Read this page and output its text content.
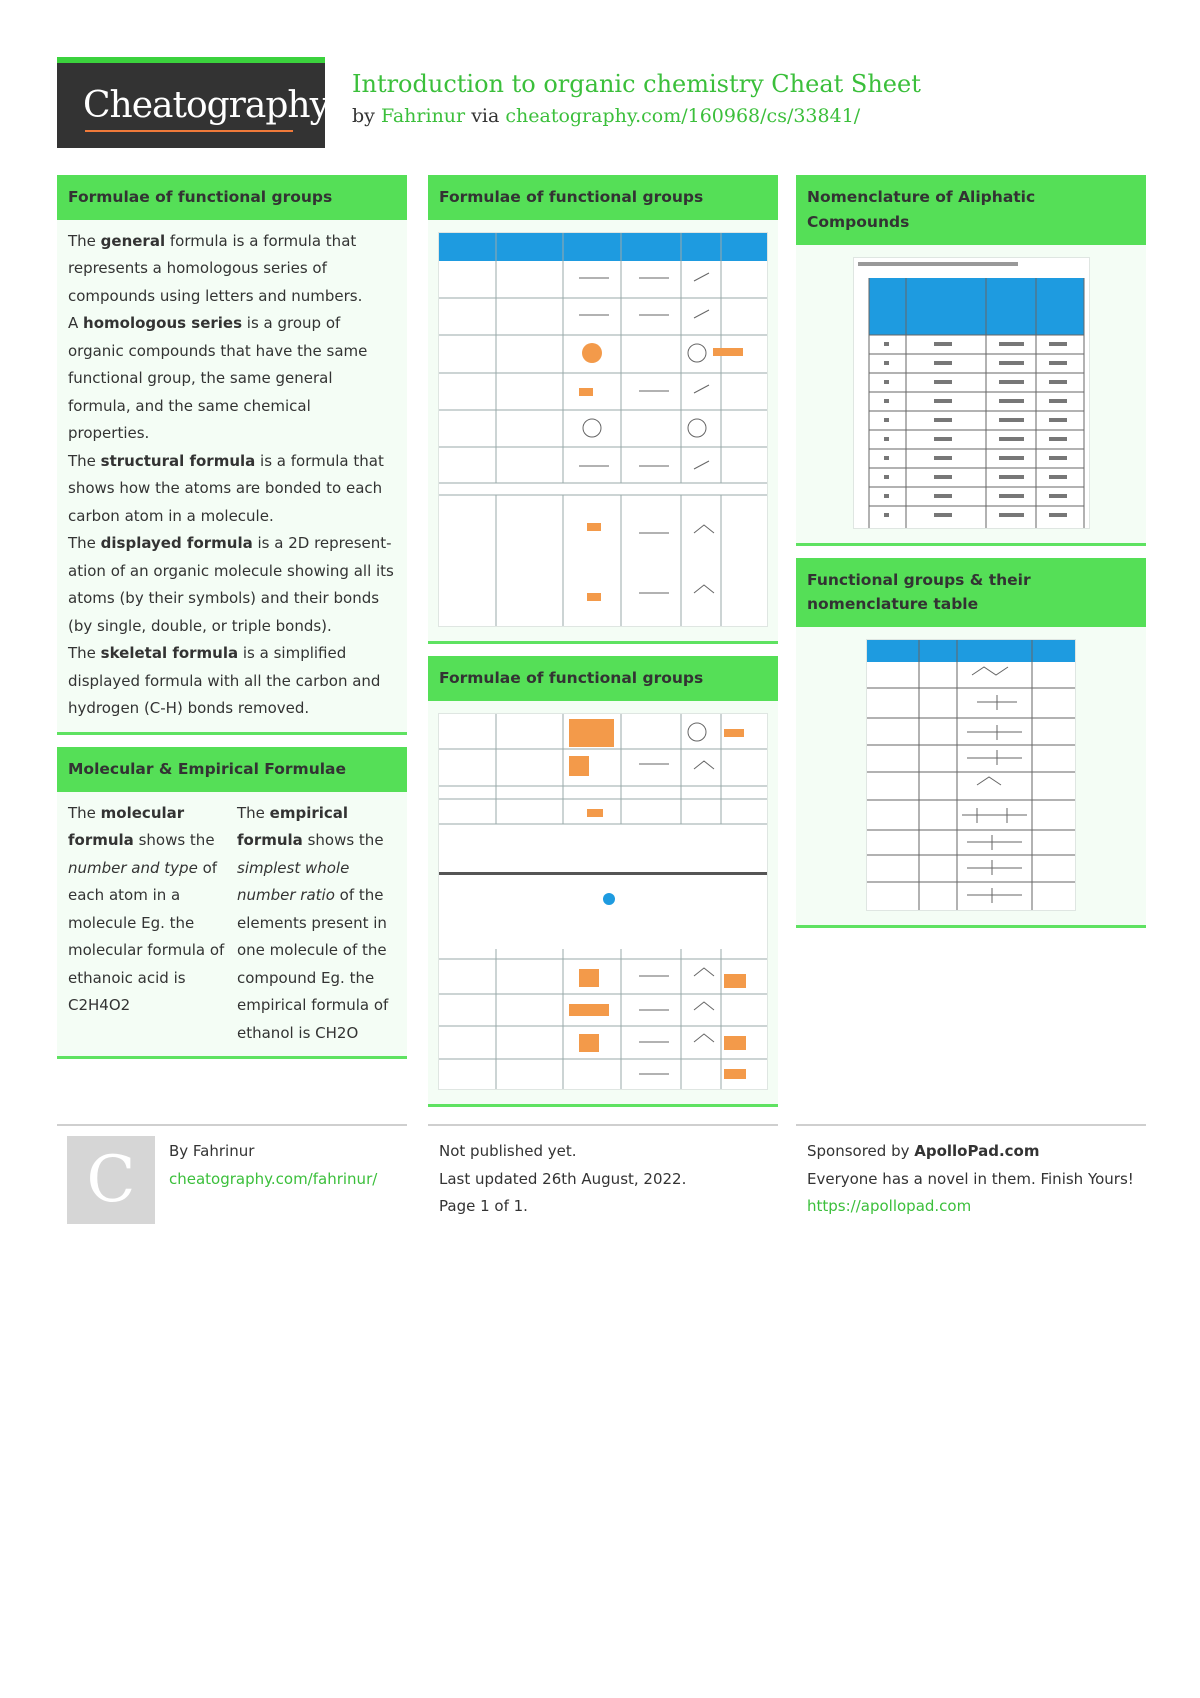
Cheatography
Introduction to organic chemistry Cheat Sheet
by Fahrinur via cheatography.com/160968/cs/33841/
Formulae of functional groups

The general formula is a formula that represents a homologous series of compounds using letters and numbers.

A homologous series is a group of organic compounds that have the same functional group, the same general formula, and the same chemical properties.

The structural formula is a formula that shows how the atoms are bonded to each carbon atom in a molecule.

The displayed formula is a 2D representation of an organic molecule showing all its atoms (by their symbols) and their bonds (by single, double, or triple bonds).

The skeletal formula is a simplified displayed formula with all the carbon and hydrogen (C-H) bonds removed.

Molecular & Empirical Formulae
The molecular formula shows the number and type of each atom in a molecule Eg. the molecular formula of ethanoic acid is C2H4O2
The empirical formula shows the simplest whole number ratio of the elements present in one molecule of the compound Eg. the empirical formula of ethanol is CH2O
Formulae of functional groups
Formulae of functional groups
Nomenclature of Aliphatic Compounds
Functional groups & their nomenclature table
C	By Fahrinur
cheatography.com/fahrinur/
Not published yet.
Last updated 26th August, 2022.
Page 1 of 1.
Sponsored by ApolloPad.com
Everyone has a novel in them. Finish Yours!
https://apollopad.com
